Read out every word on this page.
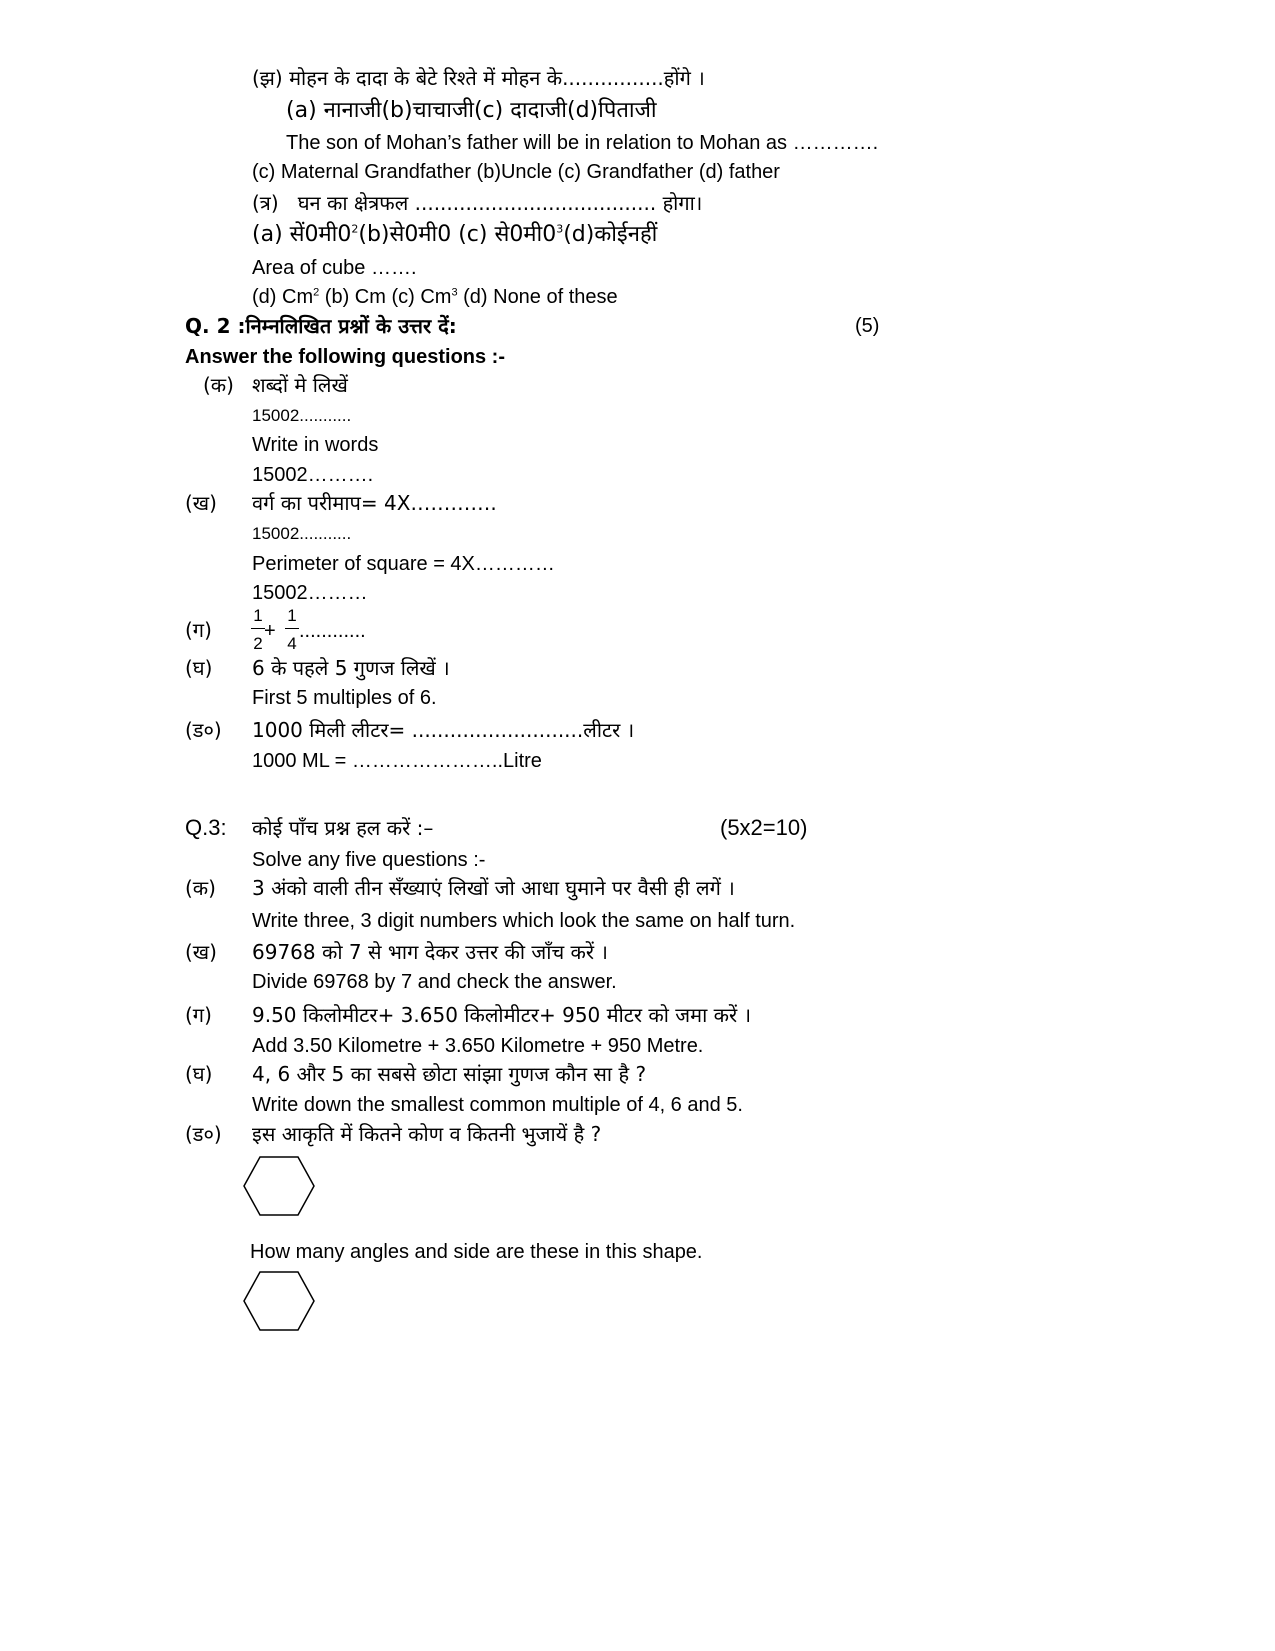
(झ) मोहन के दादा के बेटे रिश्ते में मोहन के................होंगे ।
(a) नानाजी(b)चाचाजी(c) दादाजी(d)पिताजी
The son of Mohan’s father will be in relation to Mohan as ………….
(c) Maternal Grandfather (b)Uncle (c) Grandfather (d) father
(त्र) घन का क्षेत्रफल ...................................... होगा।
(a) $सें0मी0^2(b)से0मी0$ (c) $से0मी0^3(d)कोईनहीं$
Area of cube …….
(d) Cm$^2$ (b) Cm (c) Cm$^3$ (d) None of these
Q. 2 :निम्नलिखित प्रश्नों के उत्तर दें:	(5)
Answer the following questions :-
(क) शब्दों मे लिखें
15002...........
Write in words
15002……….
(ख) वर्ग का परीमाप= 4X………….
15002...........
Perimeter of square = 4X…………
15002………
(ग)
1
2
+
1
4
............
(घ) 6 के पहले 5 गुणज लिखें ।
First 5 multiples of 6.
(ड०) 1000 मिली लीटर= ...........................लीटर ।
1000 ML = …………………..Litre
Q.3: कोई पाँच प्रश्न हल करें :–	(5x2=10)
Solve any five questions :-
(क) 3 अंको वाली तीन सँख्याएं लिखों जो आधा घुमाने पर वैसी ही लगें ।
Write three, 3 digit numbers which look the same on half turn.
(ख) 69768 को 7 से भाग देकर उत्तर की जाँच करें ।
Divide 69768 by 7 and check the answer.
(ग) 9.50 किलोमीटर+ 3.650 किलोमीटर+ 950 मीटर को जमा करें ।
Add 3.50 Kilometre + 3.650 Kilometre + 950 Metre.
(घ) 4, 6 और 5 का सबसे छोटा सांझा गुणज कौन सा है ?
Write down the smallest common multiple of 4, 6 and 5.
(ड०) इस आकृति में कितने कोण व कितनी भुजायें है ?
How many angles and side are these in this shape.
